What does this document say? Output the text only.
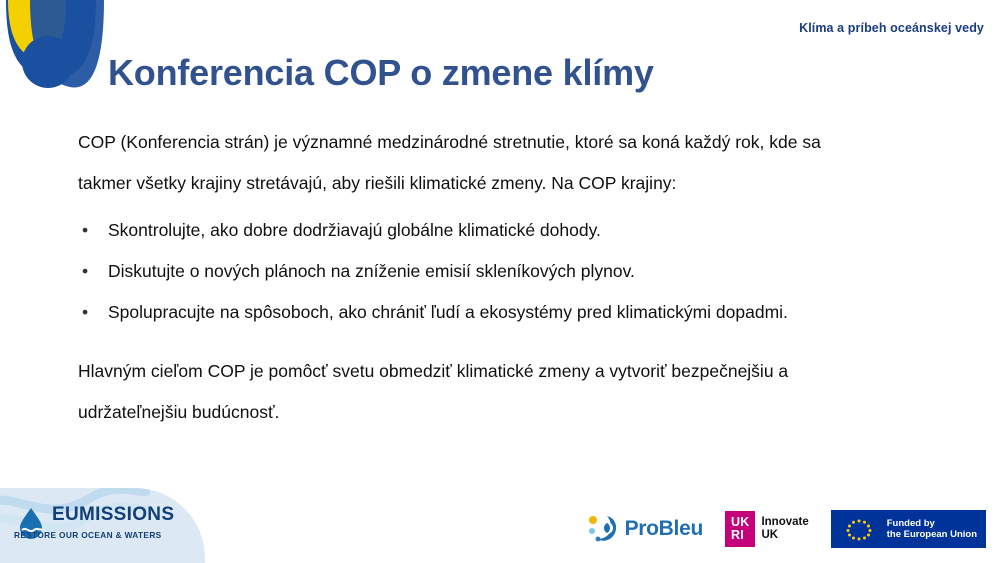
Klíma a príbeh oceánskej vedy
Konferencia COP o zmene klímy

COP (Konferencia strán) je významné medzinárodné stretnutie, ktoré sa koná každý rok, kde sa takmer všetky krajiny stretávajú, aby riešili klimatické zmeny. Na COP krajiny:

• Skontrolujte, ako dobre dodržiavajú globálne klimatické dohody.
• Diskutujte o nových plánoch na zníženie emisií skleníkových plynov.
• Spolupracujte na spôsoboch, ako chrániť ľudí a ekosystémy pred klimatickými dopadmi.

Hlavným cieľom COP je pomôcť svetu obmedziť klimatické zmeny a vytvoriť bezpečnejšiu a udržateľnejšiu budúcnosť.

EUMISSIONS
RESTORE OUR OCEAN & WATERS	ProBleu UK
RI
Innovate
UK
Funded by
the European Union
